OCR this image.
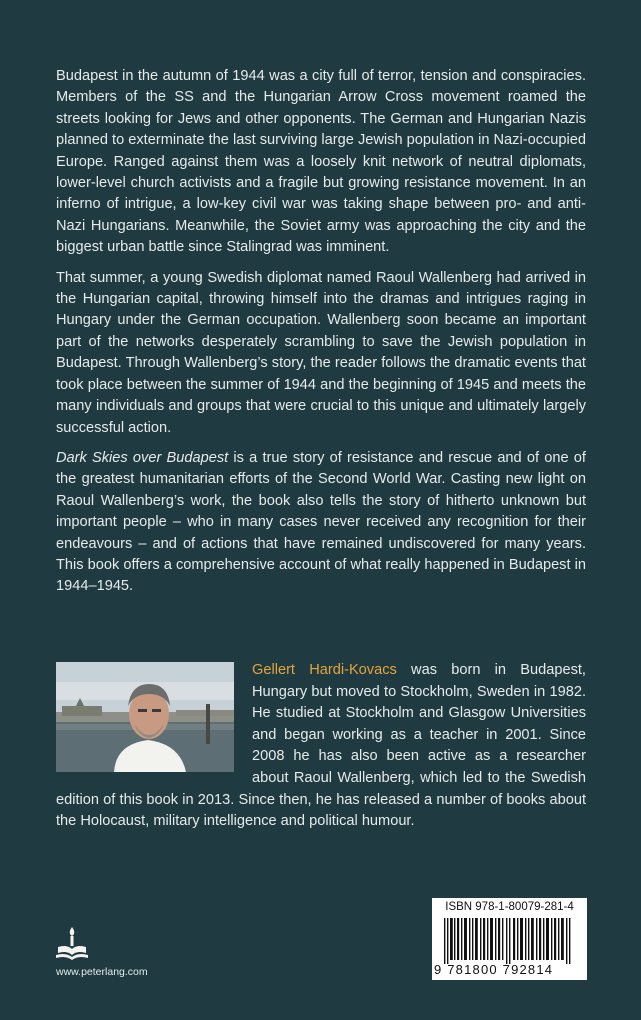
Budapest in the autumn of 1944 was a city full of terror, tension and conspiracies. Members of the SS and the Hungarian Arrow Cross movement roamed the streets looking for Jews and other opponents. The German and Hungarian Nazis planned to exterminate the last surviving large Jewish population in Nazi-occupied Europe. Ranged against them was a loosely knit network of neutral diplomats, lower-level church activists and a fragile but growing resistance movement. In an inferno of intrigue, a low-key civil war was taking shape between pro- and anti-Nazi Hungarians. Meanwhile, the Soviet army was approaching the city and the biggest urban battle since Stalingrad was imminent.

That summer, a young Swedish diplomat named Raoul Wallenberg had arrived in the Hungarian capital, throwing himself into the dramas and intrigues raging in Hungary under the German occupation. Wallenberg soon became an important part of the networks desperately scrambling to save the Jewish population in Budapest. Through Wallenberg’s story, the reader follows the dramatic events that took place between the summer of 1944 and the beginning of 1945 and meets the many individuals and groups that were crucial to this unique and ultimately largely successful action.

Dark Skies over Budapest is a true story of resistance and rescue and of one of the greatest humanitarian efforts of the Second World War. Casting new light on Raoul Wallenberg’s work, the book also tells the story of hitherto unknown but important people – who in many cases never received any recognition for their endeavours – and of actions that have remained undiscovered for many years. This book offers a comprehensive account of what really happened in Budapest in 1944–1945.

Gellert Hardi-Kovacs was born in Budapest, Hungary but moved to Stockholm, Sweden in 1982. He studied at Stockholm and Glasgow Universities and began working as a teacher in 2001. Since 2008 he has also been active as a researcher about Raoul Wallenberg, which led to the Swedish edition of this book in 2013. Since then, he has released a number of books about the Holocaust, military intelligence and political humour.
www.peterlang.com
ISBN 978-1-80079-281-4
9 781800 792814
